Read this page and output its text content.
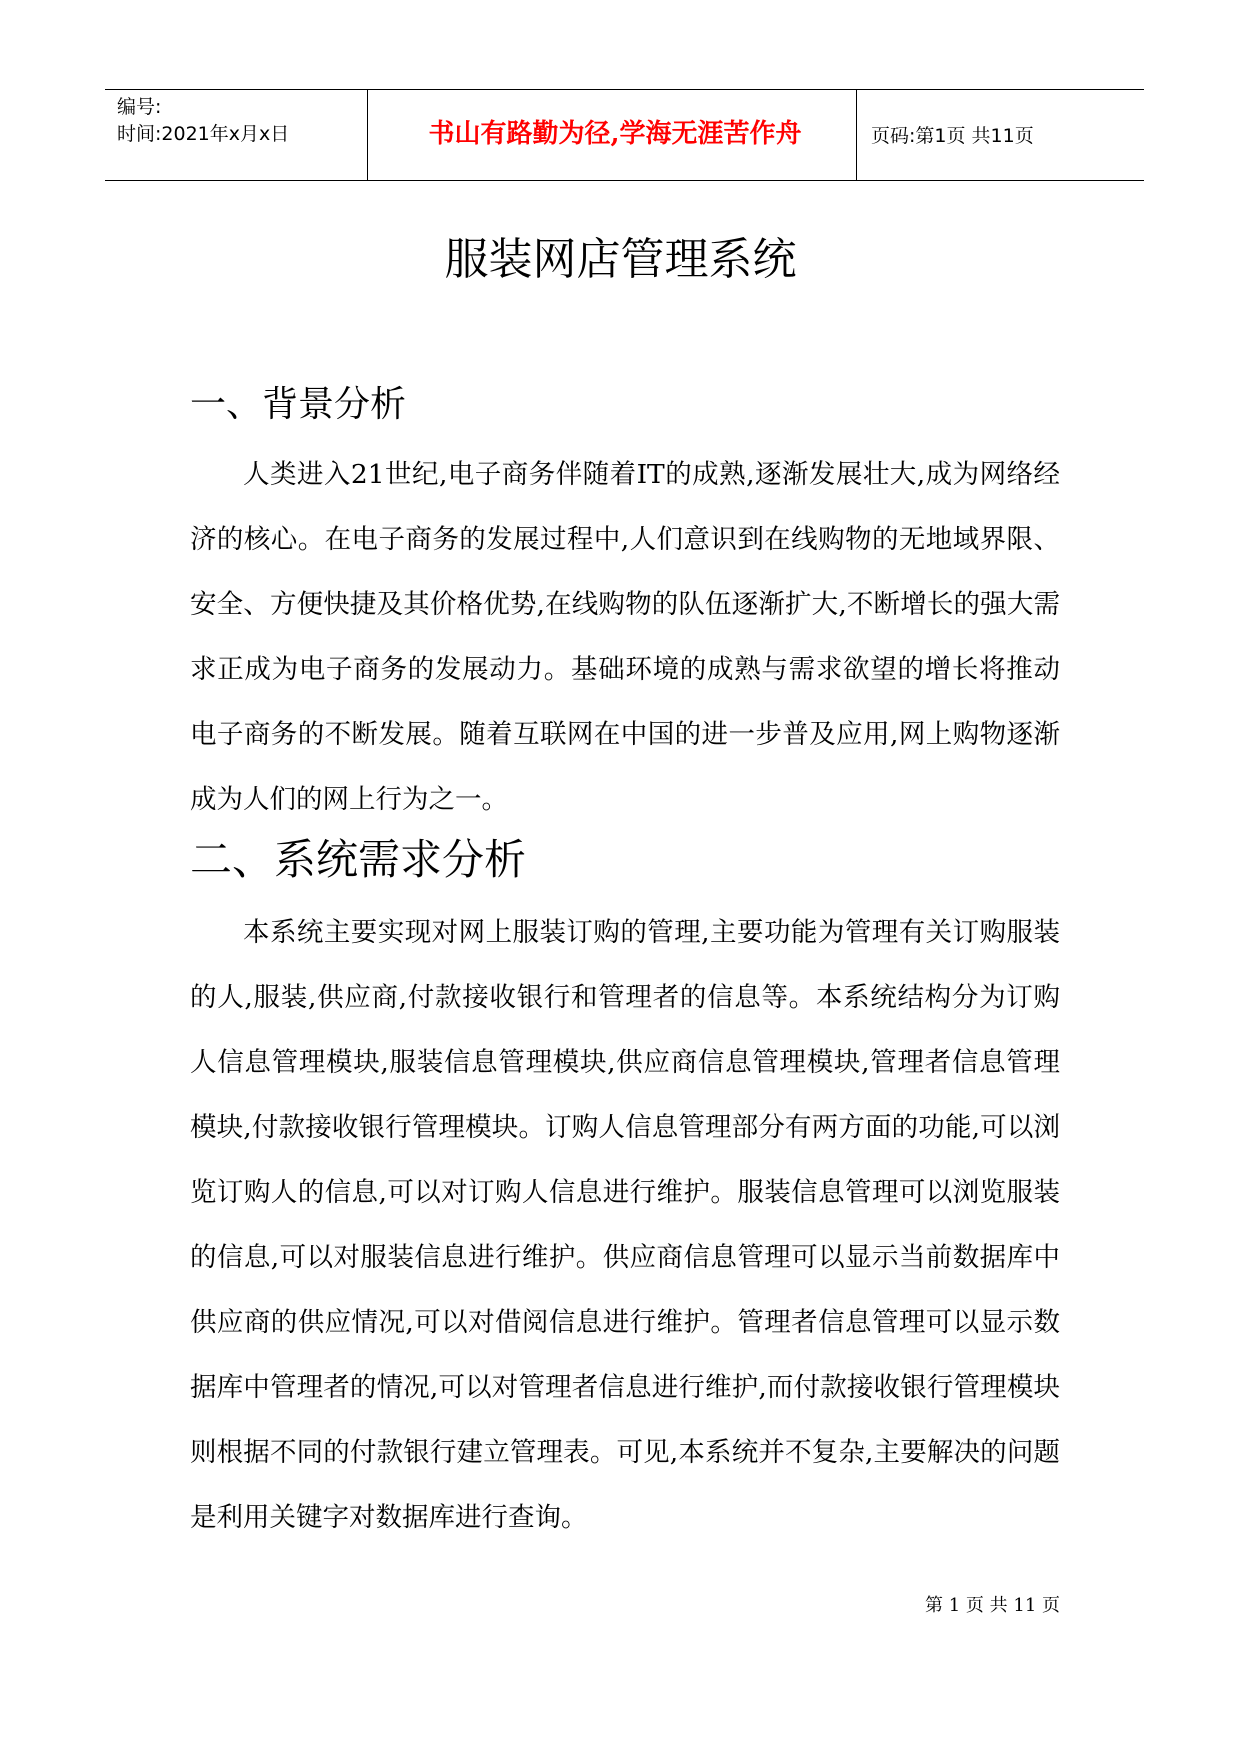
编号:
时间:2021年x月x日	书山有路勤为径,学海无涯苦作舟	页码:第1页 共11页
服装网店管理系统
一、背景分析

人类进入21世纪,电子商务伴随着IT的成熟,逐渐发展壮大,成为网络经济的核心。在电子商务的发展过程中,人们意识到在线购物的无地域界限、安全、方便快捷及其价格优势,在线购物的队伍逐渐扩大,不断增长的强大需求正成为电子商务的发展动力。基础环境的成熟与需求欲望的增长将推动电子商务的不断发展。随着互联网在中国的进一步普及应用,网上购物逐渐成为人们的网上行为之一。

二、系统需求分析

本系统主要实现对网上服装订购的管理,主要功能为管理有关订购服装的人,服装,供应商,付款接收银行和管理者的信息等。本系统结构分为订购人信息管理模块,服装信息管理模块,供应商信息管理模块,管理者信息管理模块,付款接收银行管理模块。订购人信息管理部分有两方面的功能,可以浏览订购人的信息,可以对订购人信息进行维护。服装信息管理可以浏览服装的信息,可以对服装信息进行维护。供应商信息管理可以显示当前数据库中供应商的供应情况,可以对借阅信息进行维护。管理者信息管理可以显示数据库中管理者的情况,可以对管理者信息进行维护,而付款接收银行管理模块则根据不同的付款银行建立管理表。可见,本系统并不复杂,主要解决的问题是利用关键字对数据库进行查询。

第 1 页 共 11 页
